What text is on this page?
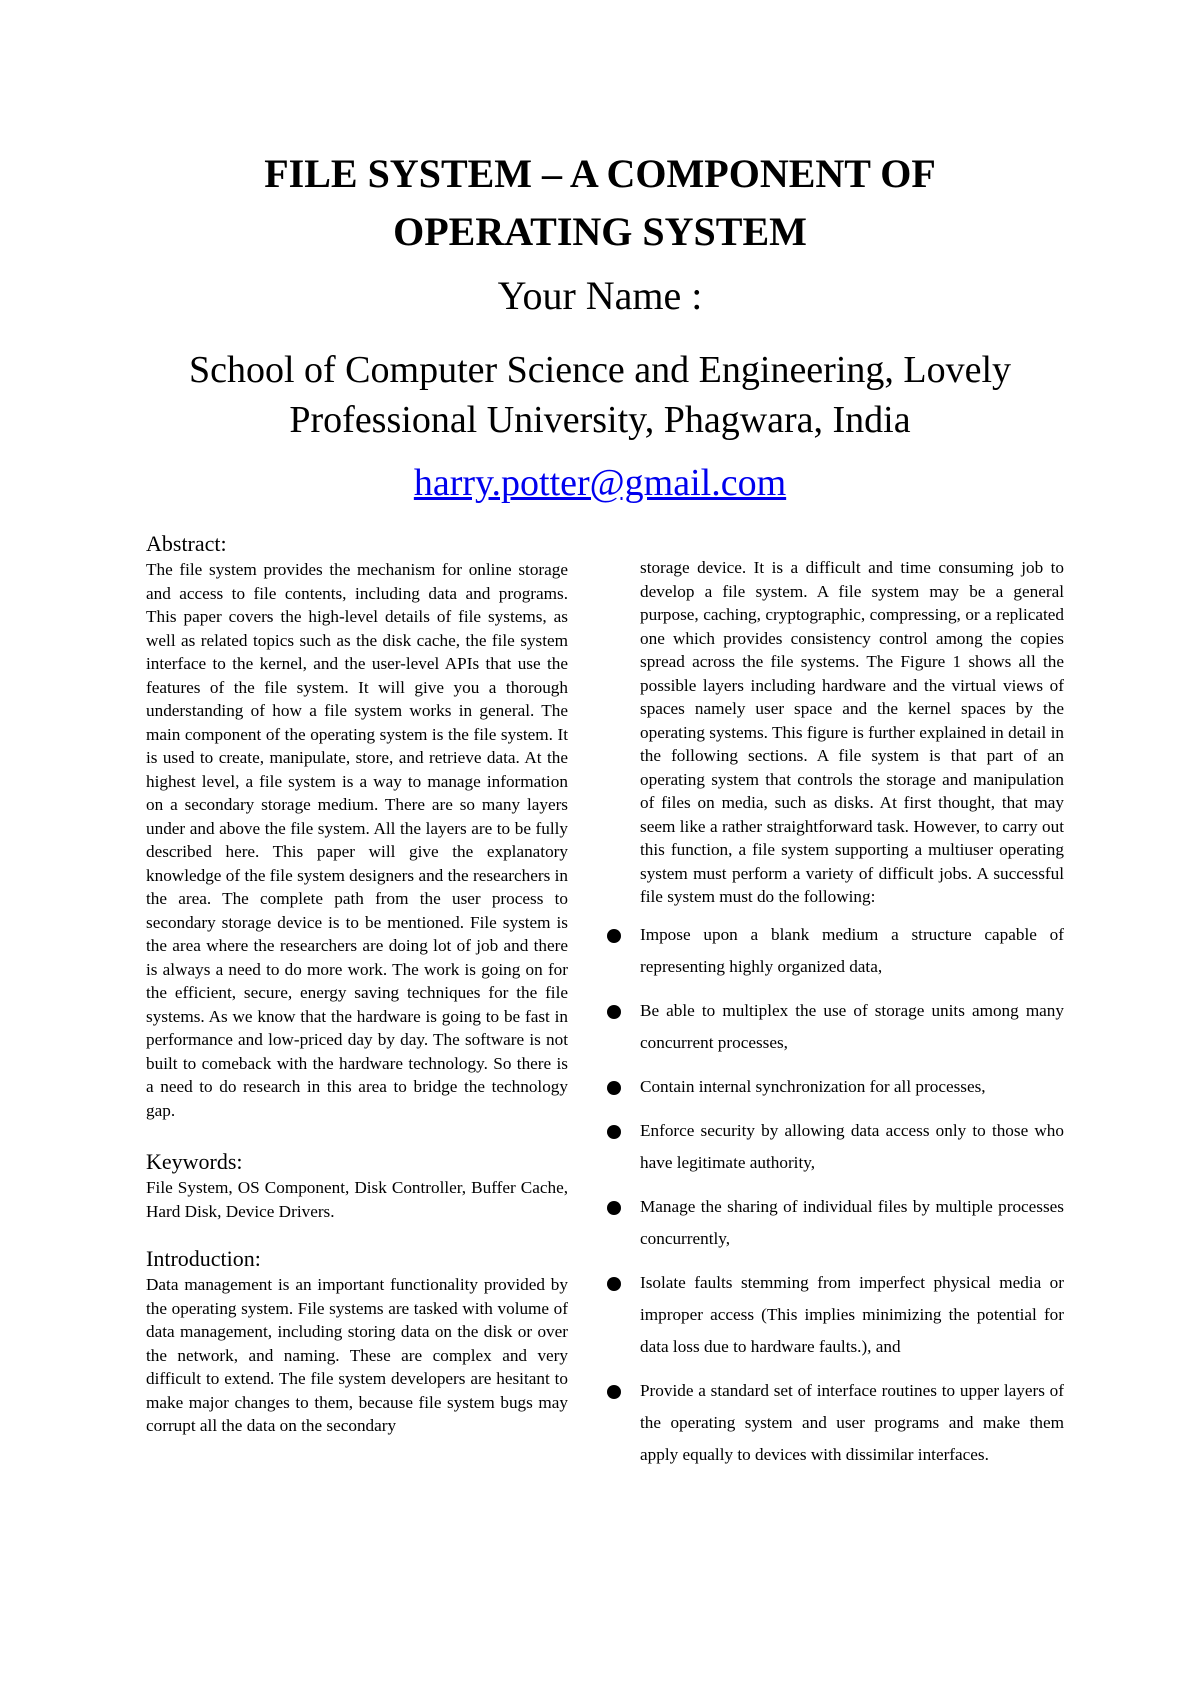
FILE SYSTEM – A COMPONENT OF
OPERATING SYSTEM

Your Name :

School of Computer Science and Engineering, Lovely
Professional University, Phagwara, India

harry.potter@gmail.com

Abstract:

The file system provides the mechanism for online storage and access to file contents, including data and programs. This paper covers the high-level details of file systems, as well as related topics such as the disk cache, the file system interface to the kernel, and the user-level APIs that use the features of the file system. It will give you a thorough understanding of how a file system works in general. The main component of the operating system is the file system. It is used to create, manipulate, store, and retrieve data. At the highest level, a file system is a way to manage information on a secondary storage medium. There are so many layers under and above the file system. All the layers are to be fully described here. This paper will give the explanatory knowledge of the file system designers and the researchers in the area. The complete path from the user process to secondary storage device is to be mentioned. File system is the area where the researchers are doing lot of job and there is always a need to do more work. The work is going on for the efficient, secure, energy saving techniques for the file systems. As we know that the hardware is going to be fast in performance and low-priced day by day. The software is not built to comeback with the hardware technology. So there is a need to do research in this area to bridge the technology gap.

Keywords:

File System, OS Component, Disk Controller, Buffer Cache, Hard Disk, Device Drivers.

Introduction:

Data management is an important functionality provided by the operating system. File systems are tasked with volume of data management, including storing data on the disk or over the network, and naming. These are complex and very difficult to extend. The file system developers are hesitant to make major changes to them, because file system bugs may corrupt all the data on the secondary

storage device. It is a difficult and time consuming job to develop a file system. A file system may be a general purpose, caching, cryptographic, compressing, or a replicated one which provides consistency control among the copies spread across the file systems. The Figure 1 shows all the possible layers including hardware and the virtual views of spaces namely user space and the kernel spaces by the operating systems. This figure is further explained in detail in the following sections. A file system is that part of an operating system that controls the storage and manipulation of files on media, such as disks. At first thought, that may seem like a rather straightforward task. However, to carry out this function, a file system supporting a multiuser operating system must perform a variety of difficult jobs. A successful file system must do the following:

Impose upon a blank medium a structure capable of representing highly organized data,
Be able to multiplex the use of storage units among many concurrent processes,
Contain internal synchronization for all processes,
Enforce security by allowing data access only to those who have legitimate authority,
Manage the sharing of individual files by multiple processes concurrently,
Isolate faults stemming from imperfect physical media or improper access (This implies minimizing the potential for data loss due to hardware faults.), and
Provide a standard set of interface routines to upper layers of the operating system and user programs and make them apply equally to devices with dissimilar interfaces.
